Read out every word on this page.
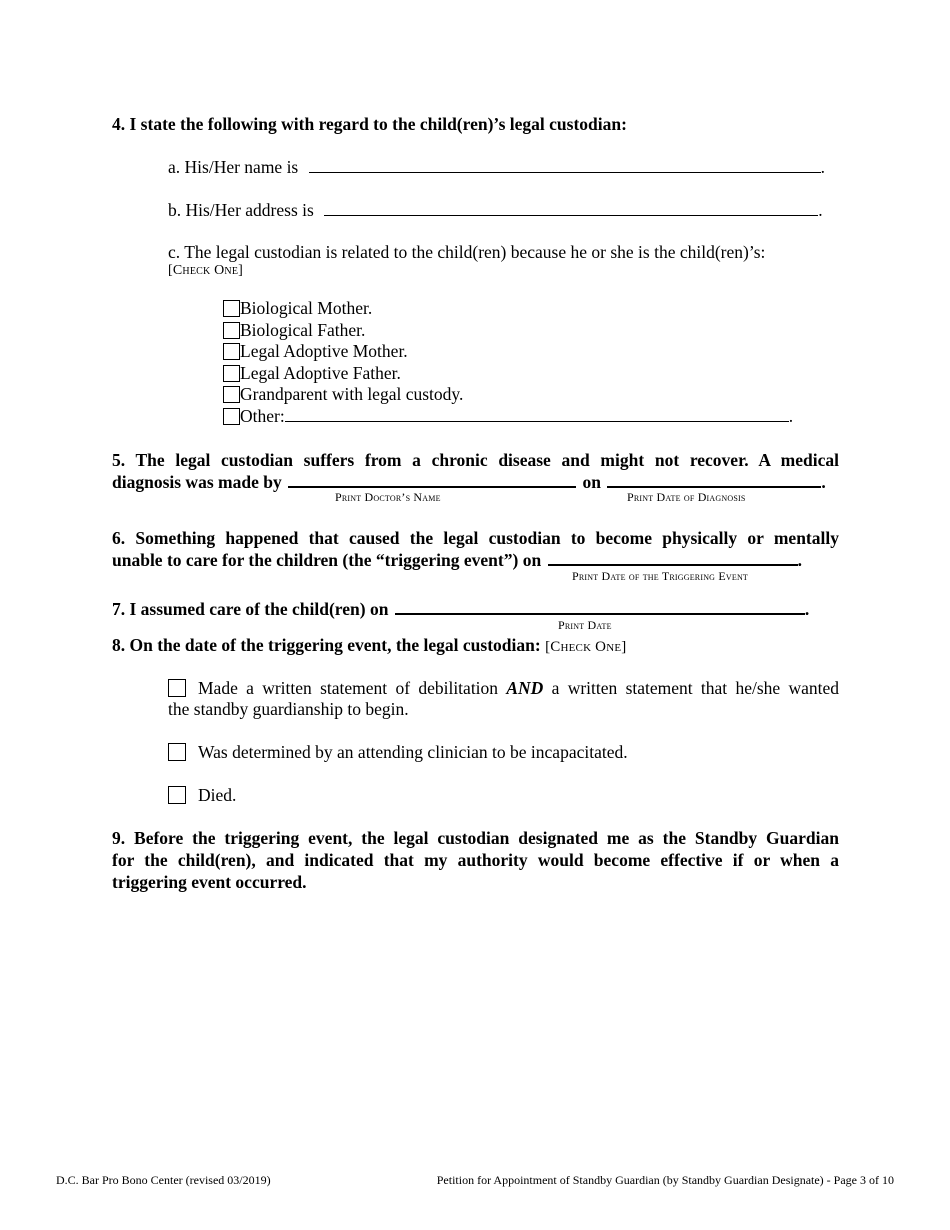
4. I state the following with regard to the child(ren)’s legal custodian:
a. His/Her name is	.
b. His/Her address is	.
c. The legal custodian is related to the child(ren) because he or she is the child(ren)’s:
[Check One]
Biological Mother.
Biological Father.
Legal Adoptive Mother.
Legal Adoptive Father.
Grandparent with legal custody.
Other:	.
5. The legal custodian suffers from a chronic disease and might not recover. A medical
diagnosis was made by	on	.
Print Doctor’s Name	Print Date of Diagnosis
6. Something happened that caused the legal custodian to become physically or mentally
unable to care for the children (the “triggering event”) on	.
Print Date of the Triggering Event
7. I assumed care of the child(ren) on	.
Print Date
8. On the date of the triggering event, the legal custodian: [Check One]
Made a written statement of debilitation AND a written statement that he/she wanted
the standby guardianship to begin.
Was determined by an attending clinician to be incapacitated.
Died.
9. Before the triggering event, the legal custodian designated me as the Standby Guardian
for the child(ren), and indicated that my authority would become effective if or when a
triggering event occurred.
D.C. Bar Pro Bono Center (revised 03/2019)	Petition for Appointment of Standby Guardian (by Standby Guardian Designate) - Page 3 of 10
